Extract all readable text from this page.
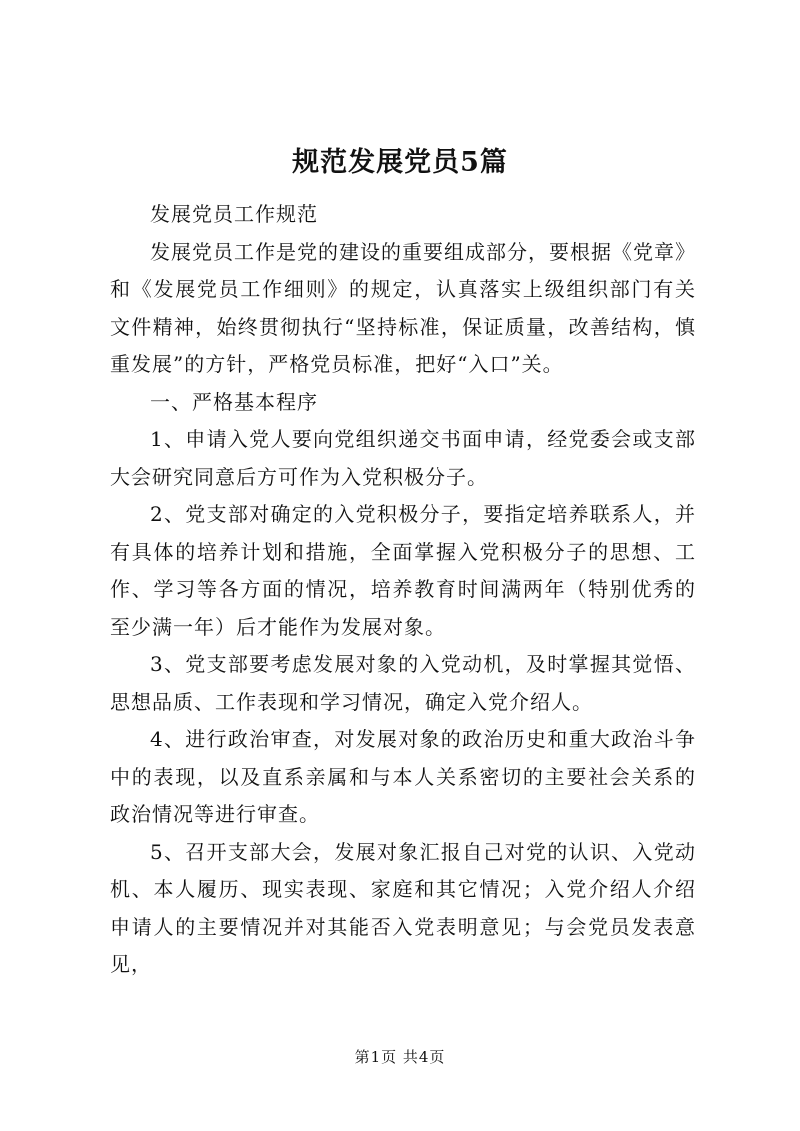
规范发展党员5篇

发展党员工作规范

发展党员工作是党的建设的重要组成部分，要根据《党章》和《发展党员工作细则》的规定，认真落实上级组织部门有关文件精神，始终贯彻执行“坚持标准，保证质量，改善结构，慎重发展”的方针，严格党员标准，把好“入口”关。

一、严格基本程序

1、申请入党人要向党组织递交书面申请，经党委会或支部大会研究同意后方可作为入党积极分子。

2、党支部对确定的入党积极分子，要指定培养联系人，并有具体的培养计划和措施，全面掌握入党积极分子的思想、工作、学习等各方面的情况，培养教育时间满两年（特别优秀的至少满一年）后才能作为发展对象。

3、党支部要考虑发展对象的入党动机，及时掌握其觉悟、思想品质、工作表现和学习情况，确定入党介绍人。

4、进行政治审查，对发展对象的政治历史和重大政治斗争中的表现，以及直系亲属和与本人关系密切的主要社会关系的政治情况等进行审查。

5、召开支部大会，发展对象汇报自己对党的认识、入党动机、本人履历、现实表现、家庭和其它情况；入党介绍人介绍申请人的主要情况并对其能否入党表明意见；与会党员发表意见，

第1页 共4页
